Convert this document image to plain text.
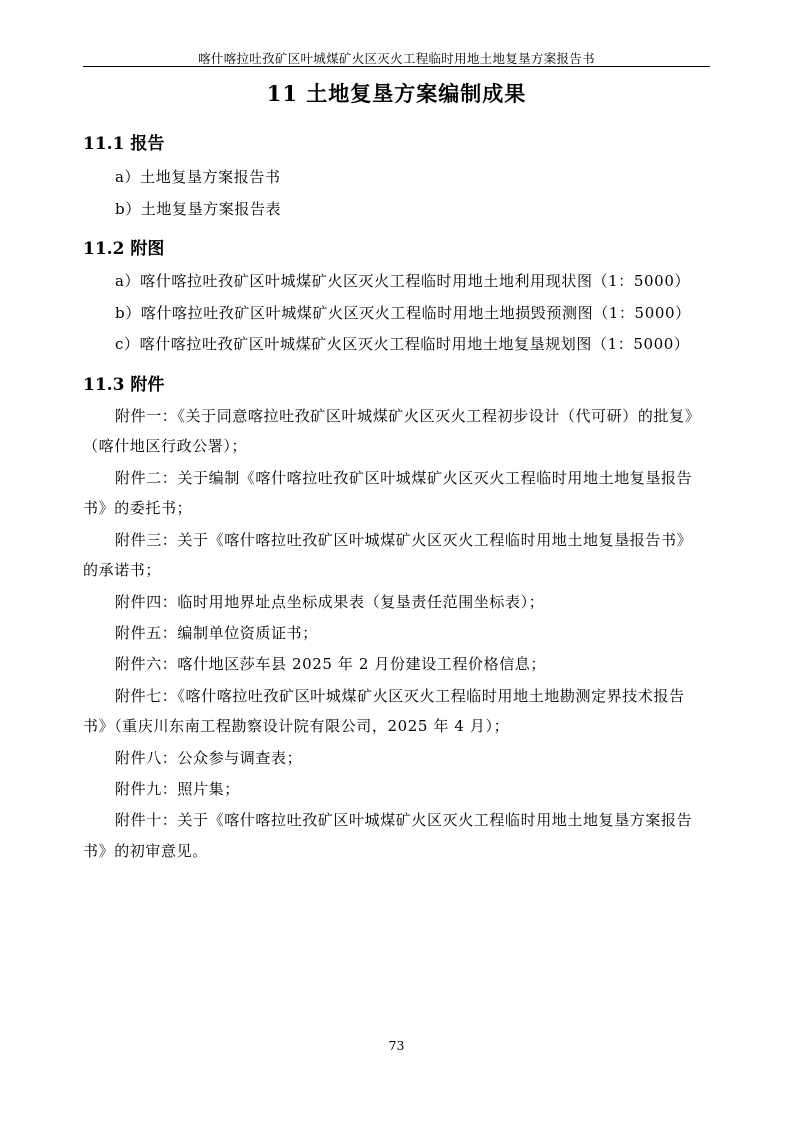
喀什喀拉吐孜矿区叶城煤矿火区灭火工程临时用地土地复垦方案报告书
11 土地复垦方案编制成果
11.1 报告
a）土地复垦方案报告书
b）土地复垦方案报告表
11.2 附图
a）喀什喀拉吐孜矿区叶城煤矿火区灭火工程临时用地土地利用现状图（1：5000）
b）喀什喀拉吐孜矿区叶城煤矿火区灭火工程临时用地土地损毁预测图（1：5000）
c）喀什喀拉吐孜矿区叶城煤矿火区灭火工程临时用地土地复垦规划图（1：5000）
11.3 附件
附件一：《关于同意喀拉吐孜矿区叶城煤矿火区灭火工程初步设计（代可研）的批复》
（喀什地区行政公署）；
附件二：关于编制《喀什喀拉吐孜矿区叶城煤矿火区灭火工程临时用地土地复垦报告
书》的委托书；
附件三：关于《喀什喀拉吐孜矿区叶城煤矿火区灭火工程临时用地土地复垦报告书》
的承诺书；
附件四：临时用地界址点坐标成果表（复垦责任范围坐标表）；
附件五：编制单位资质证书；
附件六：喀什地区莎车县 2025 年 2 月份建设工程价格信息；
附件七：《喀什喀拉吐孜矿区叶城煤矿火区灭火工程临时用地土地勘测定界技术报告
书》（重庆川东南工程勘察设计院有限公司，2025 年 4 月）；
附件八：公众参与调查表；
附件九：照片集；
附件十：关于《喀什喀拉吐孜矿区叶城煤矿火区灭火工程临时用地土地复垦方案报告
书》的初审意见。
73
